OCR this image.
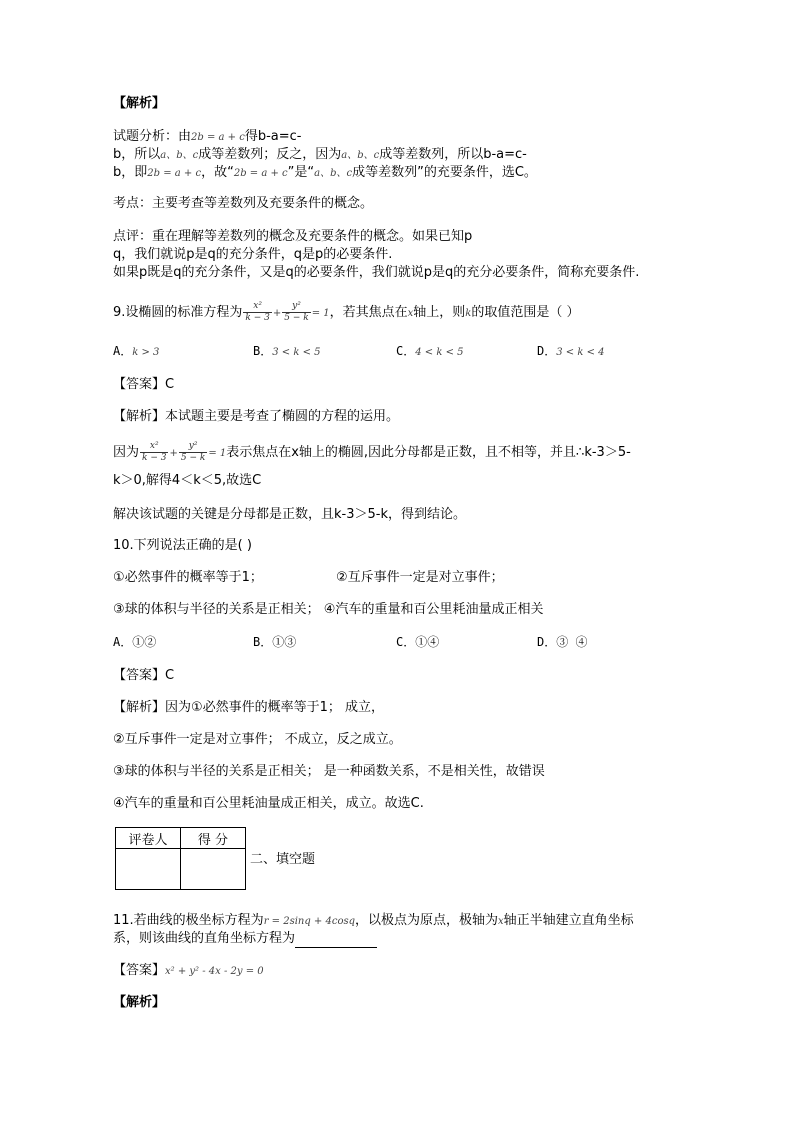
【解析】
试题分析：由2b = a + c得b-a=c-
b，所以a、b、c成等差数列；反之，因为a、b、c成等差数列，所以b-a=c-
b，即2b = a + c，故“2b = a + c”是“a、b、c成等差数列”的充要条件，选C。
考点：主要考查等差数列及充要条件的概念。
点评：重在理解等差数列的概念及充要条件的概念。如果已知p
q，我们就说p是q的充分条件，q是p的必要条件.
如果p既是q的充分条件，又是q的必要条件，我们就说p是q的充分必要条件，简称充要条件.
9.设椭圆的标准方程为 $\frac{\text{x²}}{k - 3} + \frac{\text{y²}}{5 - k} = 1$，若其焦点在x轴上，则k的取值范围是（ ）
A．k > 3	B．3 < k < 5	C．4 < k < 5	D．3 < k < 4
【答案】C
【解析】本试题主要是考查了椭圆的方程的运用。
因为 $\frac{\text{x²}}{k - 3} + \frac{\text{y²}}{5 - k} = 1$表示焦点在x轴上的椭圆,因此分母都是正数，且不相等，并且∴k-3＞5-
k＞0,解得4＜k＜5,故选C
解决该试题的关键是分母都是正数，且k-3＞5-k，得到结论。
10.下列说法正确的是( )
①必然事件的概率等于1；	②互斥事件一定是对立事件；
③球的体积与半径的关系是正相关； ④汽车的重量和百公里耗油量成正相关
A．①②	B．①③	C．①④	D．③ ④
【答案】C
【解析】因为①必然事件的概率等于1； 成立，
②互斥事件一定是对立事件； 不成立，反之成立。
③球的体积与半径的关系是正相关； 是一种函数关系，不是相关性，故错误
④汽车的重量和百公里耗油量成正相关，成立。故选C.
评卷人	得 分

二、填空题
11.若曲线的极坐标方程为r = 2sinq + 4cosq，以极点为原点，极轴为x轴正半轴建立直角坐标
系，则该曲线的直角坐标方程为
【答案】x² + y² - 4x - 2y = 0
【解析】
